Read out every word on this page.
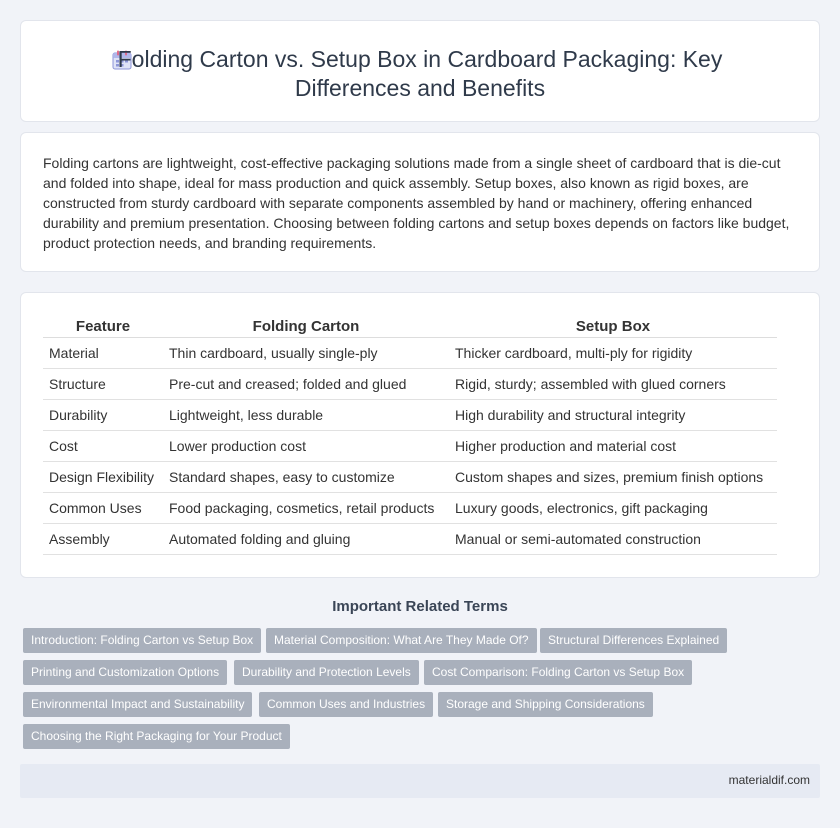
Folding Carton vs. Setup Box in Cardboard Packaging: Key Differences and Benefits

Folding cartons are lightweight, cost-effective packaging solutions made from a single sheet of cardboard that is die-cut and folded into shape, ideal for mass production and quick assembly. Setup boxes, also known as rigid boxes, are constructed from sturdy cardboard with separate components assembled by hand or machinery, offering enhanced durability and premium presentation. Choosing between folding cartons and setup boxes depends on factors like budget, product protection needs, and branding requirements.

Feature	Folding Carton	Setup Box
Material	Thin cardboard, usually single-ply	Thicker cardboard, multi-ply for rigidity
Structure	Pre-cut and creased; folded and glued	Rigid, sturdy; assembled with glued corners
Durability	Lightweight, less durable	High durability and structural integrity
Cost	Lower production cost	Higher production and material cost
Design Flexibility	Standard shapes, easy to customize	Custom shapes and sizes, premium finish options
Common Uses	Food packaging, cosmetics, retail products	Luxury goods, electronics, gift packaging
Assembly	Automated folding and gluing	Manual or semi-automated construction
Important Related Terms
Introduction: Folding Carton vs Setup Box	Material Composition: What Are They Made Of?	Structural Differences Explained
Printing and Customization Options	Durability and Protection Levels	Cost Comparison: Folding Carton vs Setup Box
Environmental Impact and Sustainability	Common Uses and Industries	Storage and Shipping Considerations
Choosing the Right Packaging for Your Product
materialdif.com
